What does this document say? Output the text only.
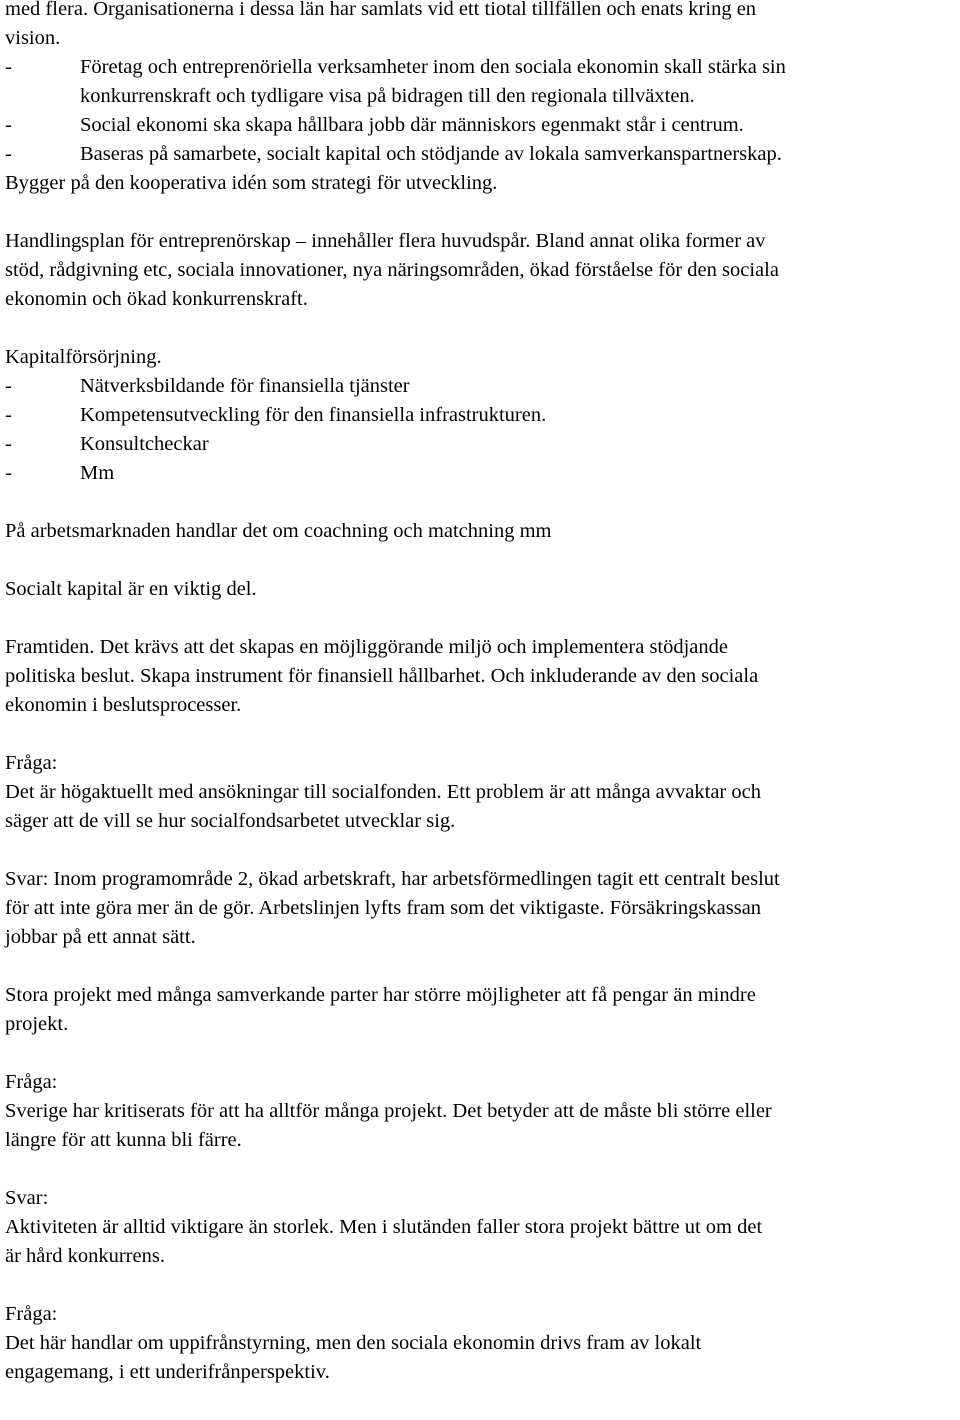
med flera. Organisationerna i dessa län har samlats vid ett tiotal tillfällen och enats kring en
vision.
-	Företag och entreprenöriella verksamheter inom den sociala ekonomin skall stärka sin
konkurrenskraft och tydligare visa på bidragen till den regionala tillväxten.
-	Social ekonomi ska skapa hållbara jobb där människors egenmakt står i centrum.
-	Baseras på samarbete, socialt kapital och stödjande av lokala samverkanspartnerskap.
Bygger på den kooperativa idén som strategi för utveckling.
Handlingsplan för entreprenörskap – innehåller flera huvudspår. Bland annat olika former av
stöd, rådgivning etc, sociala innovationer, nya näringsområden, ökad förståelse för den sociala
ekonomin och ökad konkurrenskraft.
Kapitalförsörjning.
-	Nätverksbildande för finansiella tjänster
-	Kompetensutveckling för den finansiella infrastrukturen.
-	Konsultcheckar
-	Mm
På arbetsmarknaden handlar det om coachning och matchning mm
Socialt kapital är en viktig del.
Framtiden. Det krävs att det skapas en möjliggörande miljö och implementera stödjande
politiska beslut. Skapa instrument för finansiell hållbarhet. Och inkluderande av den sociala
ekonomin i beslutsprocesser.
Fråga:
Det är högaktuellt med ansökningar till socialfonden. Ett problem är att många avvaktar och
säger att de vill se hur socialfondsarbetet utvecklar sig.
Svar: Inom programområde 2, ökad arbetskraft, har arbetsförmedlingen tagit ett centralt beslut
för att inte göra mer än de gör. Arbetslinjen lyfts fram som det viktigaste. Försäkringskassan
jobbar på ett annat sätt.
Stora projekt med många samverkande parter har större möjligheter att få pengar än mindre
projekt.
Fråga:
Sverige har kritiserats för att ha alltför många projekt. Det betyder att de måste bli större eller
längre för att kunna bli färre.
Svar:
Aktiviteten är alltid viktigare än storlek. Men i slutänden faller stora projekt bättre ut om det
är hård konkurrens.
Fråga:
Det här handlar om uppifrånstyrning, men den sociala ekonomin drivs fram av lokalt
engagemang, i ett underifrånperspektiv.
